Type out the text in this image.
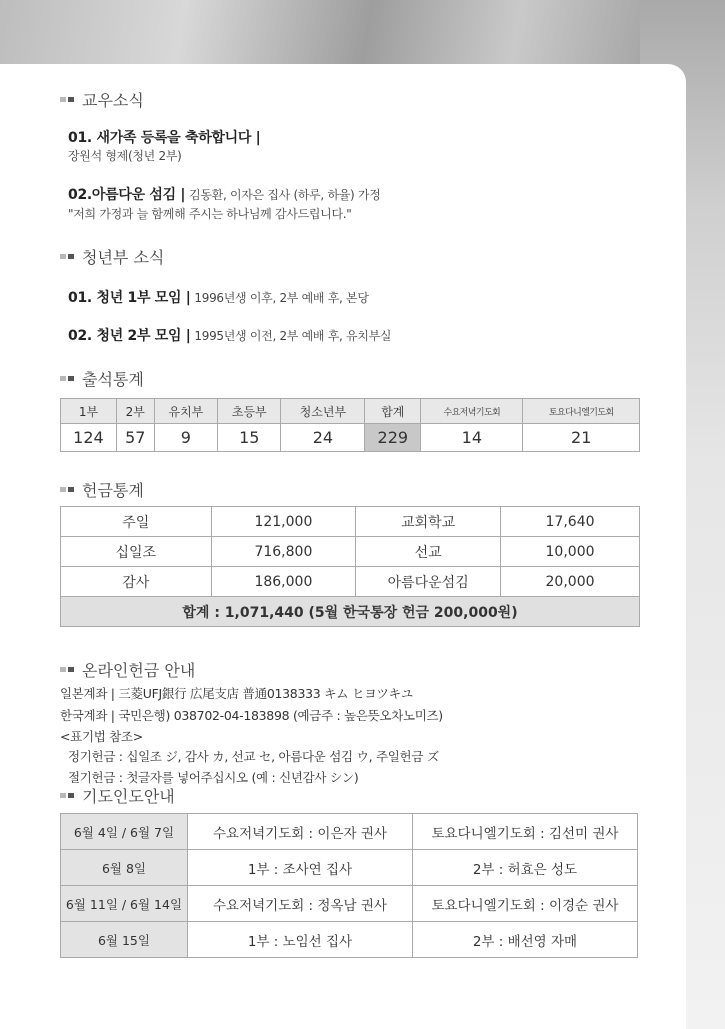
교우소식
01. 새가족 등록을 축하합니다 |
장원석 형제(청년 2부)
02.아름다운 섬김 | 김동환, 이자은 집사 (하루, 하율) 가정
"저희 가정과 늘 함께해 주시는 하나님께 감사드립니다."
청년부 소식
01. 청년 1부 모임 | 1996년생 이후, 2부 예배 후, 본당
02. 청년 2부 모임 | 1995년생 이전, 2부 예배 후, 유치부실
출석통계
1부	2부	유치부	초등부	청소년부	합계	수요저녁기도회	토요다니엘기도회
124	57	9	15	24	229	14	21
헌금통계
주일	121,000	교회학교	17,640
십일조	716,800	선교	10,000
감사	186,000	아름다운섬김	20,000
합계 : 1,071,440 (5월 한국통장 헌금 200,000원)			
온라인헌금 안내
일본계좌 | 三菱UFJ銀行 広尾支店 普通0138333 キム ヒヨツキユ
한국계좌 | 국민은행) 038702-04-183898 (예금주 : 높은뜻오차노미즈)
<표기법 참조>
정기헌금 : 십일조 ジ, 감사 カ, 선교 セ, 아름다운 섬김 ウ, 주일헌금 ズ
절기헌금 : 첫글자를 넣어주십시오 (예 : 신년감사 シン)
기도인도안내
6월 4일 / 6월 7일	수요저녁기도회 : 이은자 권사	토요다니엘기도회 : 김선미 권사
6월 8일	1부 : 조사연 집사	2부 : 허효은 성도
6월 11일 / 6월 14일	수요저녁기도회 : 정옥남 권사	토요다니엘기도회 : 이경순 권사
6월 15일	1부 : 노임선 집사	2부 : 배선영 자매
